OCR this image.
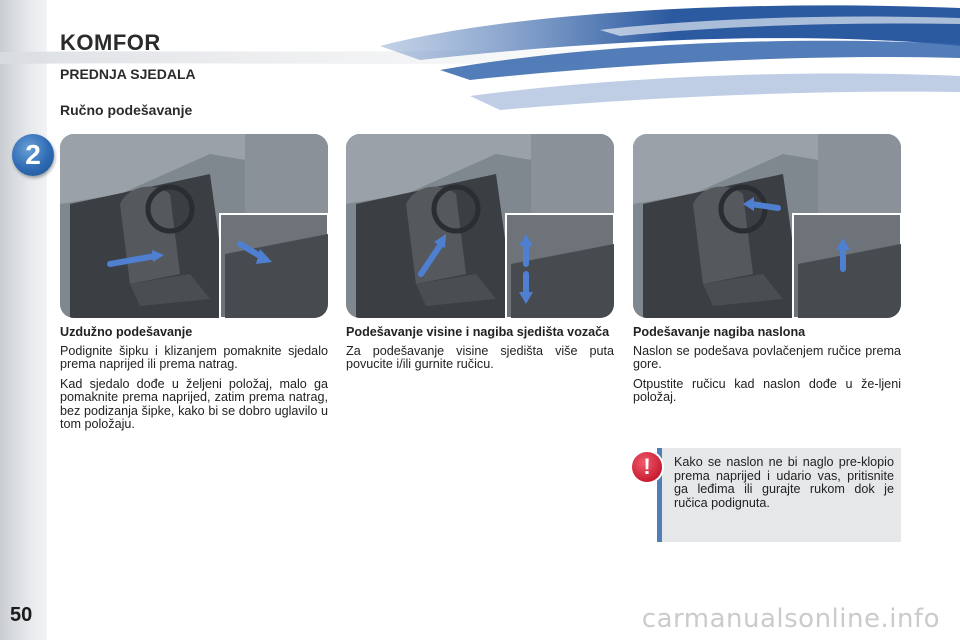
2
50
KOMFOR
PREDNJA SJEDALA
Ručno podešavanje

Uzdužno podešavanje

Podignite šipku i klizanjem pomaknite sjedalo prema naprijed ili prema natrag.

Kad sjedalo dođe u željeni položaj, malo ga pomaknite prema naprijed, zatim prema natrag, bez podizanja šipke, kako bi se dobro uglavilo u tom položaju.

Podešavanje visine i nagiba sjedišta vozača

Za podešavanje visine sjedišta više puta povucite i/ili gurnite ručicu.

Podešavanje nagiba naslona

Naslon se podešava povlačenjem ručice prema gore.

Otpustite ručicu kad naslon dođe u že-ljeni položaj.

!	Kako se naslon ne bi naglo pre-klopio prema naprijed i udario vas, pritisnite ga leđima ili gurajte rukom dok je ručica podignuta.

carmanualsonline.info
